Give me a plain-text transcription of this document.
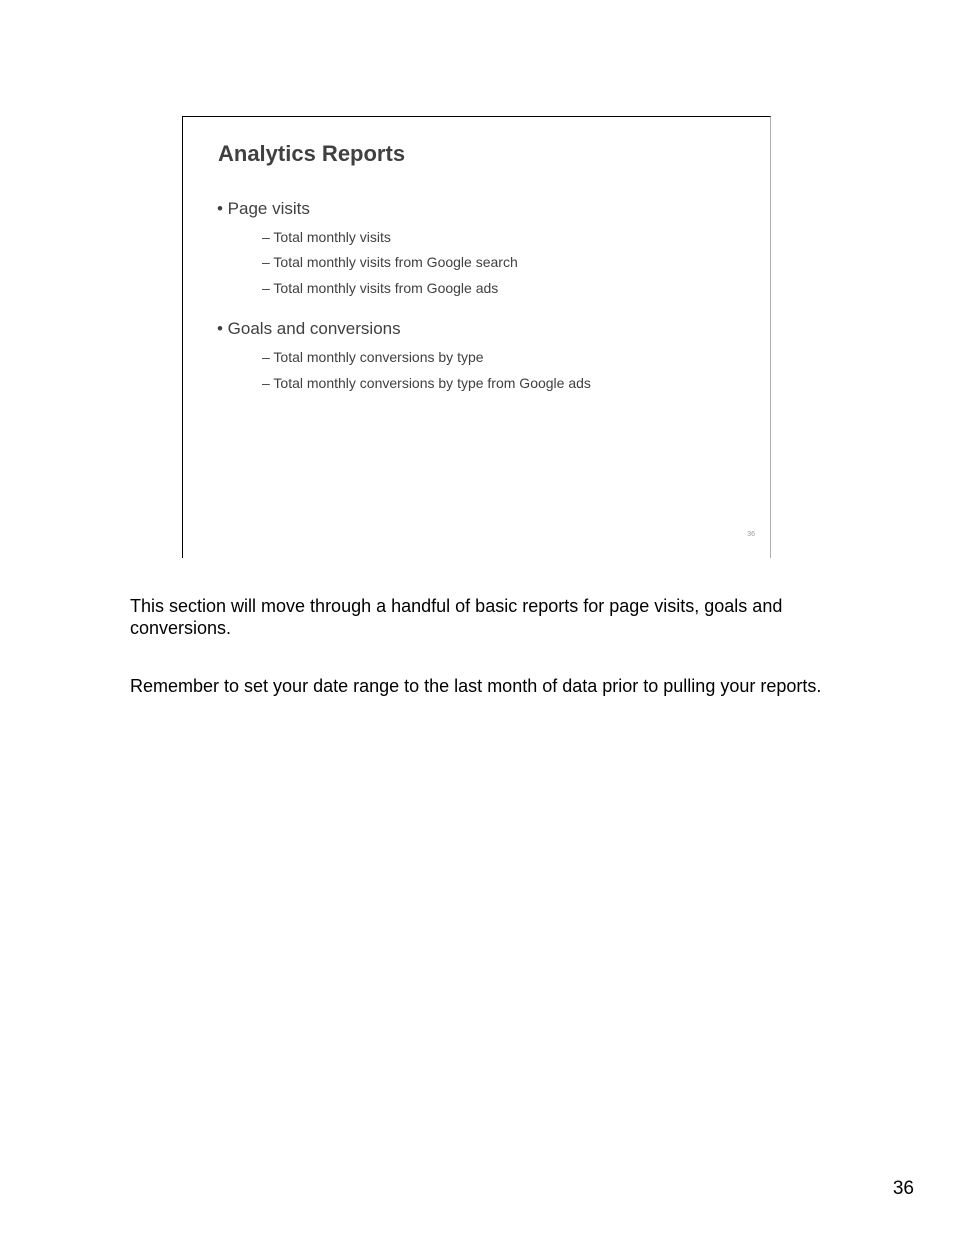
Analytics Reports
• Page visits
– Total monthly visits
– Total monthly visits from Google search
– Total monthly visits from Google ads
• Goals and conversions
– Total monthly conversions by type
– Total monthly conversions by type from Google ads
36

This section will move through a handful of basic reports for page visits, goals and conversions.

Remember to set your date range to the last month of data prior to pulling your reports.

36
